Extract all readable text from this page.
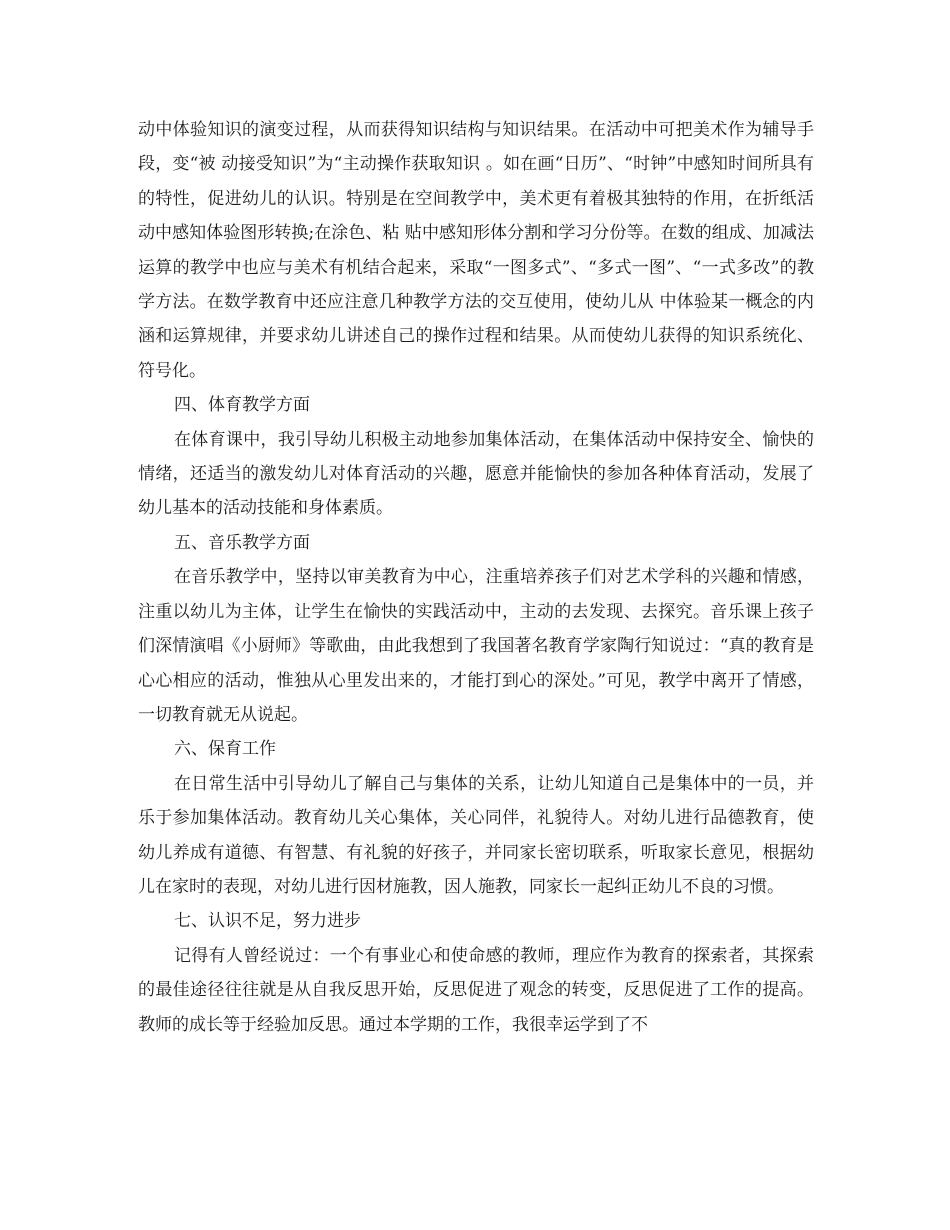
动中体验知识的演变过程，从而获得知识结构与知识结果。在活动中可把美术作为辅导手段，变“被 动接受知识”为“主动操作获取知识 。如在画“日历”、“时钟”中感知时间所具有的特性，促进幼儿的认识。特别是在空间教学中，美术更有着极其独特的作用，在折纸活动中感知体验图形转换;在涂色、粘 贴中感知形体分割和学习分份等。在数的组成、加减法运算的教学中也应与美术有机结合起来，采取“一图多式”、“多式一图”、“一式多改”的教学方法。在数学教育中还应注意几种教学方法的交互使用，使幼儿从 中体验某一概念的内涵和运算规律，并要求幼儿讲述自己的操作过程和结果。从而使幼儿获得的知识系统化、 符号化。

四、体育教学方面

在体育课中，我引导幼儿积极主动地参加集体活动，在集体活动中保持安全、愉快的情绪，还适当的激发幼儿对体育活动的兴趣，愿意并能愉快的参加各种体育活动，发展了幼儿基本的活动技能和身体素质。

五、音乐教学方面

在音乐教学中，坚持以审美教育为中心，注重培养孩子们对艺术学科的兴趣和情感，注重以幼儿为主体，让学生在愉快的实践活动中，主动的去发现、去探究。音乐课上孩子们深情演唱《小厨师》等歌曲，由此我想到了我国著名教育学家陶行知说过：“真的教育是心心相应的活动，惟独从心里发出来的，才能打到心的深处。”可见，教学中离开了情感，一切教育就无从说起。

六、保育工作

在日常生活中引导幼儿了解自己与集体的关系，让幼儿知道自己是集体中的一员，并乐于参加集体活动。教育幼儿关心集体，关心同伴，礼貌待人。对幼儿进行品德教育，使幼儿养成有道德、有智慧、有礼貌的好孩子，并同家长密切联系，听取家长意见，根据幼儿在家时的表现，对幼儿进行因材施教，因人施教，同家长一起纠正幼儿不良的习惯。

七、认识不足，努力进步

记得有人曾经说过：一个有事业心和使命感的教师，理应作为教育的探索者，其探索的最佳途径往往就是从自我反思开始，反思促进了观念的转变，反思促进了工作的提高。教师的成长等于经验加反思。通过本学期的工作，我很幸运学到了不
